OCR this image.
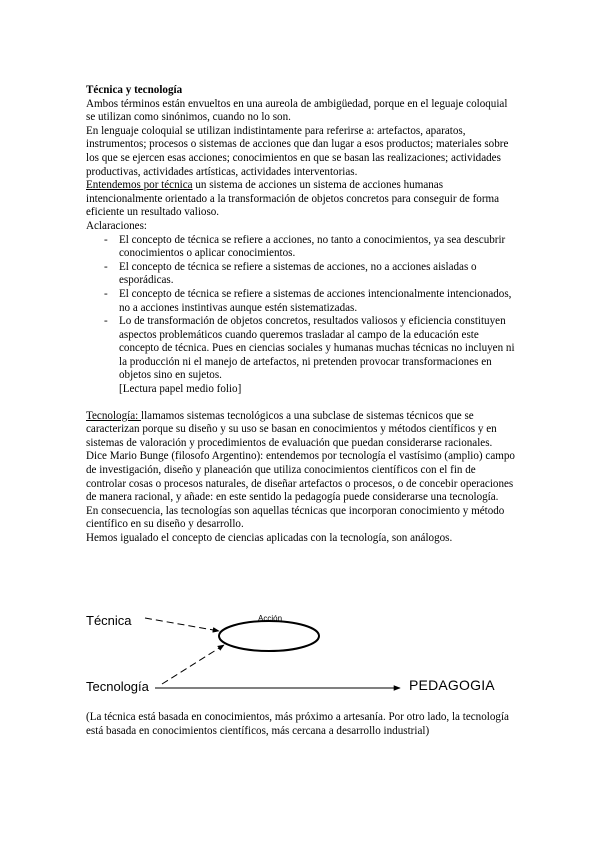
Técnica y tecnología

Ambos términos están envueltos en una aureola de ambigüedad, porque en el leguaje coloquial se utilizan como sinónimos, cuando no lo son.

En lenguaje coloquial se utilizan indistintamente para referirse a: artefactos, aparatos, instrumentos; procesos o sistemas de acciones que dan lugar a esos productos; materiales sobre los que se ejercen esas acciones; conocimientos en que se basan las realizaciones; actividades productivas, actividades artísticas, actividades interventorias.

Entendemos por técnica un sistema de acciones un sistema de acciones humanas intencionalmente orientado a la transformación de objetos concretos para conseguir de forma eficiente un resultado valioso.

Aclaraciones:

- El concepto de técnica se refiere a acciones, no tanto a conocimientos, ya sea descubrir conocimientos o aplicar conocimientos.
- El concepto de técnica se refiere a sistemas de acciones, no a acciones aisladas o esporádicas.
- El concepto de técnica se refiere a sistemas de acciones intencionalmente intencionados, no a acciones instintivas aunque estén sistematizadas.
- Lo de transformación de objetos concretos, resultados valiosos y eficiencia constituyen aspectos problemáticos cuando queremos trasladar al campo de la educación este concepto de técnica. Pues en ciencias sociales y humanas muchas técnicas no incluyen ni la producción ni el manejo de artefactos, ni pretenden provocar transformaciones en objetos sino en sujetos.

[Lectura papel medio folio]

Tecnología: llamamos sistemas tecnológicos a una subclase de sistemas técnicos que se caracterizan porque su diseño y su uso se basan en conocimientos y métodos científicos y en sistemas de valoración y procedimientos de evaluación que puedan considerarse racionales.

Dice Mario Bunge (filosofo Argentino): entendemos por tecnología el vastísimo (amplio) campo de investigación, diseño y planeación que utiliza conocimientos científicos con el fin de controlar cosas o procesos naturales, de diseñar artefactos o procesos, o de concebir operaciones de manera racional, y añade: en este sentido la pedagogía puede considerarse una tecnología.

En consecuencia, las tecnologías son aquellas técnicas que incorporan conocimiento y método científico en su diseño y desarrollo.

Hemos igualado el concepto de ciencias aplicadas con la tecnología, son análogos.

Técnica	Acción
Tecnología	PEDAGOGIA

(La técnica está basada en conocimientos, más próximo a artesanía. Por otro lado, la tecnología está basada en conocimientos científicos, más cercana a desarrollo industrial)
